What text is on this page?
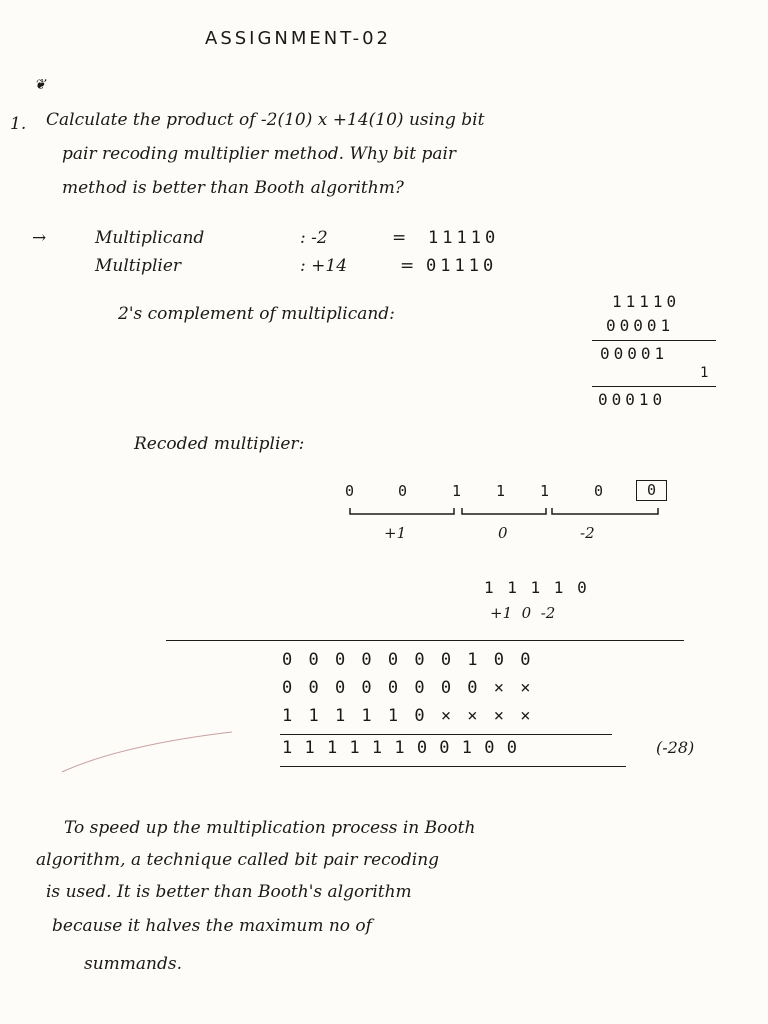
ASSIGNMENT-02
❦
1. Calculate the product of -2(10) x +14(10) using bit
pair recoding multiplier method. Why bit pair
method is better than Booth algorithm?
→	Multiplicand	: -2	= 11110
Multiplier	: +14	= 01110
2's complement of multiplicand:
11110
00001
00001
1
00010
Recoded multiplier:
0	0	1 1 1	0	0
+1	0	-2
1 1 1 1 0
+1  0  -2
0 0 0 0 0 0 0 1 0 0
0 0 0 0 0 0 0 0 × ×
1 1 1 1 1 0 × × × ×
1 1 1 1 1 1 0 0 1 0 0	(-28)
To speed up the multiplication process in Booth
algorithm, a technique called bit pair recoding
is used. It is better than Booth's algorithm
because it halves the maximum no of
summands.
